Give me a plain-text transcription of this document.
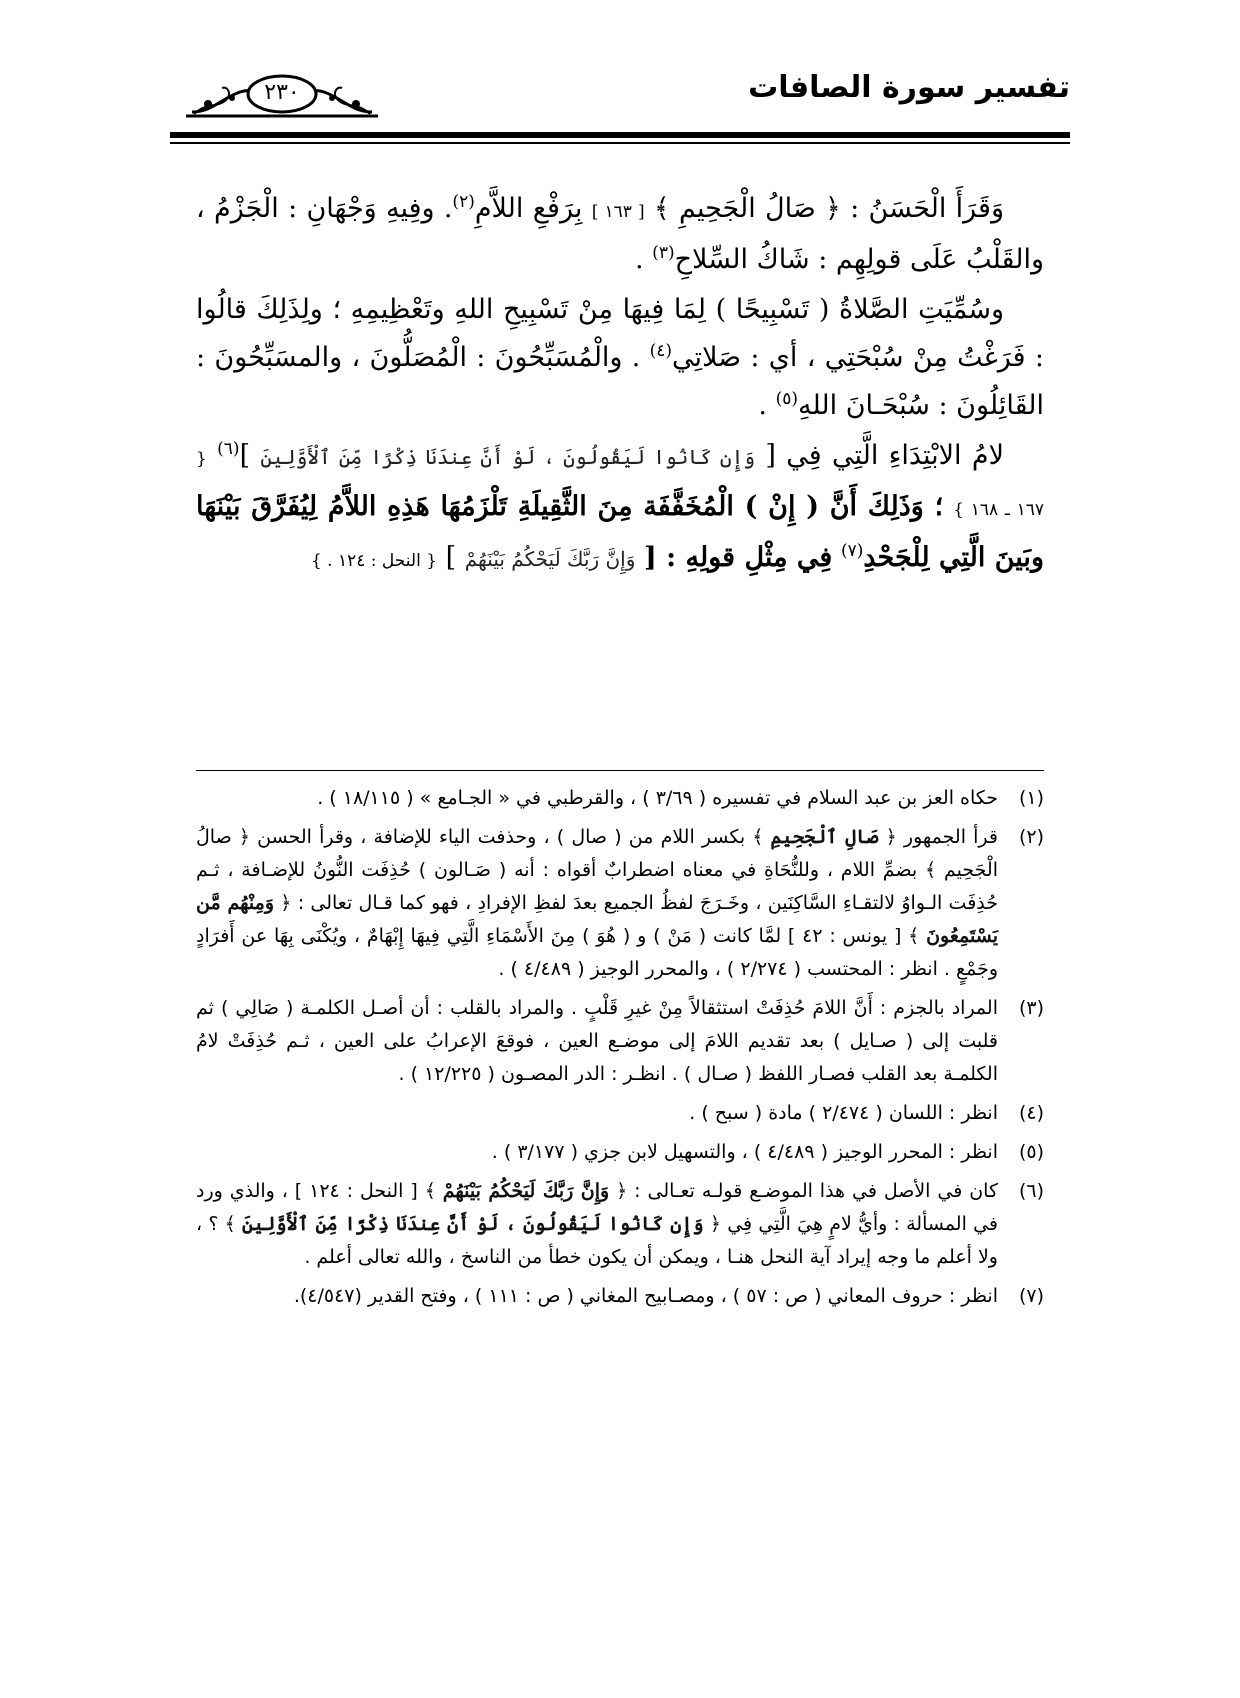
تفسير سورة الصافات
٢٣٠

وَقَرَأَ الْحَسَنُ : ﴿ صَالُ الْجَحِيمِ ﴾ [ ١٦٣ ] بِرَفْعِ اللاَّمِ$^{(٢)}$. وفِيهِ وَجْهَانِ : الْجَزْمُ ، والقَلْبُ عَلَى قولِهِم : شَاكُ السِّلاحِ$^{(٣)}$ .

وسُمِّيَتِ الصَّلاةُ ( تَسْبِيحًا ) لِمَا فِيهَا مِنْ تَسْبِيحِ اللهِ وتَعْظِيمِهِ ؛ ولِذَلِكَ قالُوا : فَرَغْتُ مِنْ سُبْحَتِي ، أي : صَلاتِي$^{(٤)}$ . والْمُسَبِّحُونَ : الْمُصَلُّونَ ، والمسَبِّحُونَ : القَائِلُونَ : سُبْحَـانَ اللهِ$^{(٥)}$ .

لامُ الابْتِدَاءِ الَّتِي فِي [ وَإِن كَانُوا لَيَقُولُونَ ، لَوْ أَنَّ عِندَنَا ذِكْرًا مِّنَ ٱلْأَوَّلِينَ ]$^{(٦)}$ { ١٦٧ ـ ١٦٨ } ؛ وَذَلِكَ أَنَّ ( إِنْ ) الْمُخَفَّفَة مِنَ الثَّقِيلَةِ تَلْزَمُهَا هَذِهِ اللاَّمُ لِيُفَرَّقَ بَيْنَهَا وبَينَ الَّتِي لِلْجَحْدِ$^{(٧)}$ فِي مِثْلِ قولِهِ : [ وَإِنَّ رَبَّكَ لَيَحْكُمُ بَيْنَهُمْ ] { النحل : ١٢٤ . }

(١)
حكاه العز بن عبد السلام في تفسيره ( ٣/٦٩ ) ، والقرطبي في « الجـامع » ( ١٨/١١٥ ) .
(٢)
قرأ الجمهور ﴿ صَالِ ٱلْجَحِيمِ ﴾ بكسر اللام من ( صال ) ، وحذفت الياء للإضافة ، وقرأ الحسن ﴿ صالُ الْجَحِيم ﴾ بضمِّ اللام ، وللنُّحَاةِ في معناه اضطرابٌ أقواه : أنه ( صَـالون ) حُذِفَت النُّونُ للإضـافة ، ثـم حُذِفَت الـواوُ لالتقـاءِ السَّاكِنَين ، وخَـرَجَ لفظُ الجميع بعدَ لفظِ الإفرادِ ، فهو كما قـال تعالى : ﴿ وَمِنْهُم مَّن يَسْتَمِعُونَ ﴾ [ يونس : ٤٢ ] لمَّا كانت ( مَنْ ) و ( هُوَ ) مِنَ الأَسْمَاءِ الَّتِي فِيهَا إِبْهَامٌ ، ويُكْنَى بِهَا عن أَفرَادٍ وجَمْعٍ . انظر : المحتسب ( ٢/٢٧٤ ) ، والمحرر الوجيز ( ٤/٤٨٩ ) .
(٣)
المراد بالجزم : أَنَّ اللامَ حُذِفَتْ استثقالاً مِنْ غيرِ قَلْبٍ . والمراد بالقلب : أن أصـل الكلمـة ( صَالِي ) ثم قلبت إلى ( صـايل ) بعد تقديم اللامَ إلى موضـع العين ، فوقعَ الإعرابُ على العين ، ثـم حُذِفَتْ لامُ الكلمـة بعد القلب فصـار اللفظ ( صـال ) . انظـر : الدر المصـون ( ١٢/٢٢٥ ) .
(٤)
انظر : اللسان ( ٢/٤٧٤ ) مادة ( سبح ) .
(٥)
انظر : المحرر الوجيز ( ٤/٤٨٩ ) ، والتسهيل لابن جزي ( ٣/١٧٧ ) .
(٦)
كان في الأصل في هذا الموضـع قولـه تعـالى : ﴿ وَإِنَّ رَبَّكَ لَيَحْكُمُ بَيْنَهُمْ ﴾ [ النحل : ١٢٤ ] ، والذي ورد في المسألة : وأيُّ لامٍ هِيَ الَّتِي فِي ﴿ وَإِن كَانُوا لَيَقُولُونَ ، لَوْ أَنَّ عِندَنَا ذِكْرًا مِّنَ ٱلْأَوَّلِينَ ﴾ ؟ ، ولا أعلم ما وجه إيراد آية النحل هنـا ، ويمكن أن يكون خطأ من الناسخ ، والله تعالى أعلم .
(٧)
انظر : حروف المعاني ( ص : ٥٧ ) ، ومصـابيح المغاني ( ص : ١١١ ) ، وفتح القدير (٤/٥٤٧).
